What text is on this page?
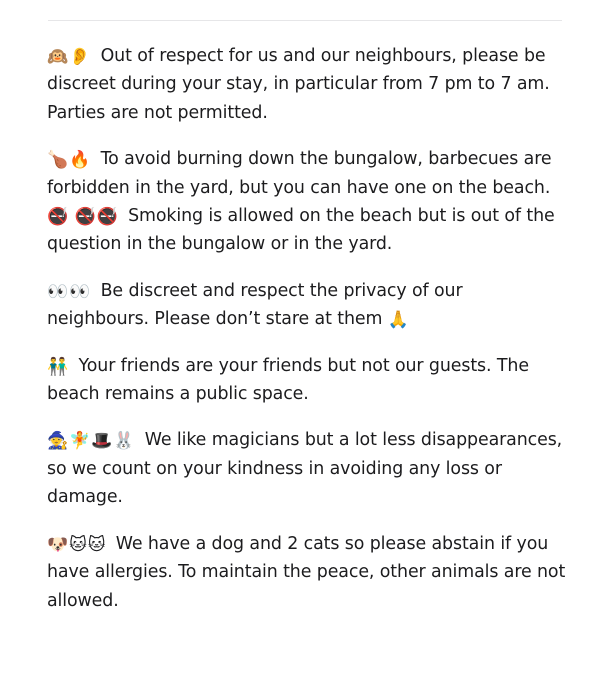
🙉👂 Out of respect for us and our neighbours, please be discreet during your stay, in particular from 7 pm to 7 am. Parties are not permitted.

🍗🔥 To avoid burning down the bungalow, barbecues are forbidden in the yard, but you can have one on the beach. 🚭 🚭🚭 Smoking is allowed on the beach but is out of the question in the bungalow or in the yard.

👀👀 Be discreet and respect the privacy of our neighbours. Please don’t stare at them 🙏

👬 Your friends are your friends but not our guests. The beach remains a public space.

🧙🧚🎩🐰 We like magicians but a lot less disappearances, so we count on your kindness in avoiding any loss or damage.

🐶🐱🐱 We have a dog and 2 cats so please abstain if you have allergies. To maintain the peace, other animals are not allowed.
